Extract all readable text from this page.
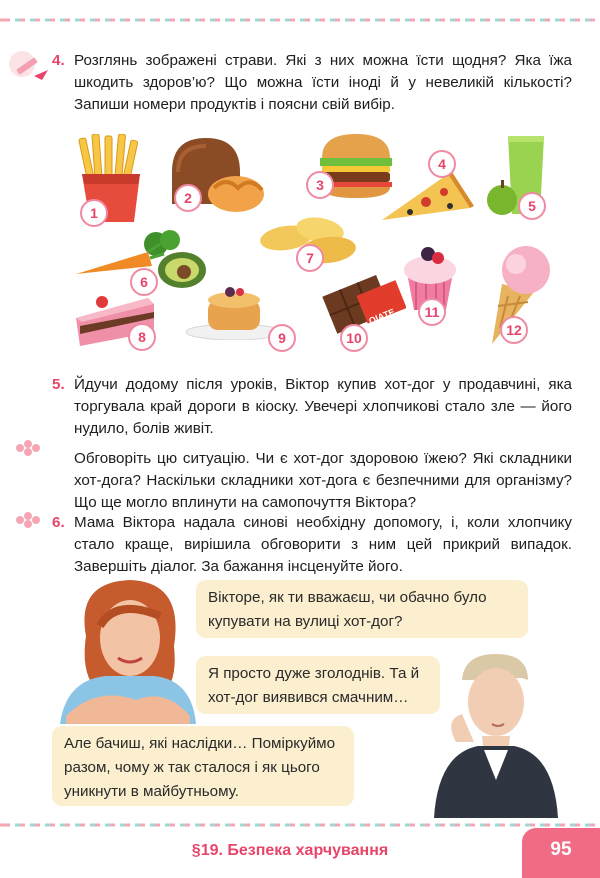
4. Розглянь зображені страви. Які з них можна їсти щодня? Яка їжа шкодить здоров’ю? Що можна їсти іноді й у невеликій кількості? Запиши номери продуктів і поясни свій вибір.

1
2
3
4
5
6
7
8	9
ОІАТЕ
10
11
12
5. Йдучи додому після уроків, Віктор купив хот-дог у продавчині, яка торгувала край дороги в кіоску. Увечері хлопчикові стало зле — його нудило, болів живіт.

Обговоріть цю ситуацію. Чи є хот-дог здоровою їжею? Які складники хот-дога? Наскільки складники хот-дога є безпечними для організму? Що ще могло вплинути на самопочуття Віктора?

6. Мама Віктора надала синові необхідну допомогу, і, коли хлопчику стало краще, вирішила обговорити з ним цей прикрий випадок. Завершіть діалог. За бажання інсценуйте його.

Вікторе, як ти вважаєш, чи обачно було купувати на вулиці хот-дог?
Я просто дуже зголоднів. Та й хот-дог виявився смачним…
Але бачиш, які наслідки… Поміркуймо разом, чому ж так сталося і як цього уникнути в майбутньому.
§19. Безпека харчування	95
